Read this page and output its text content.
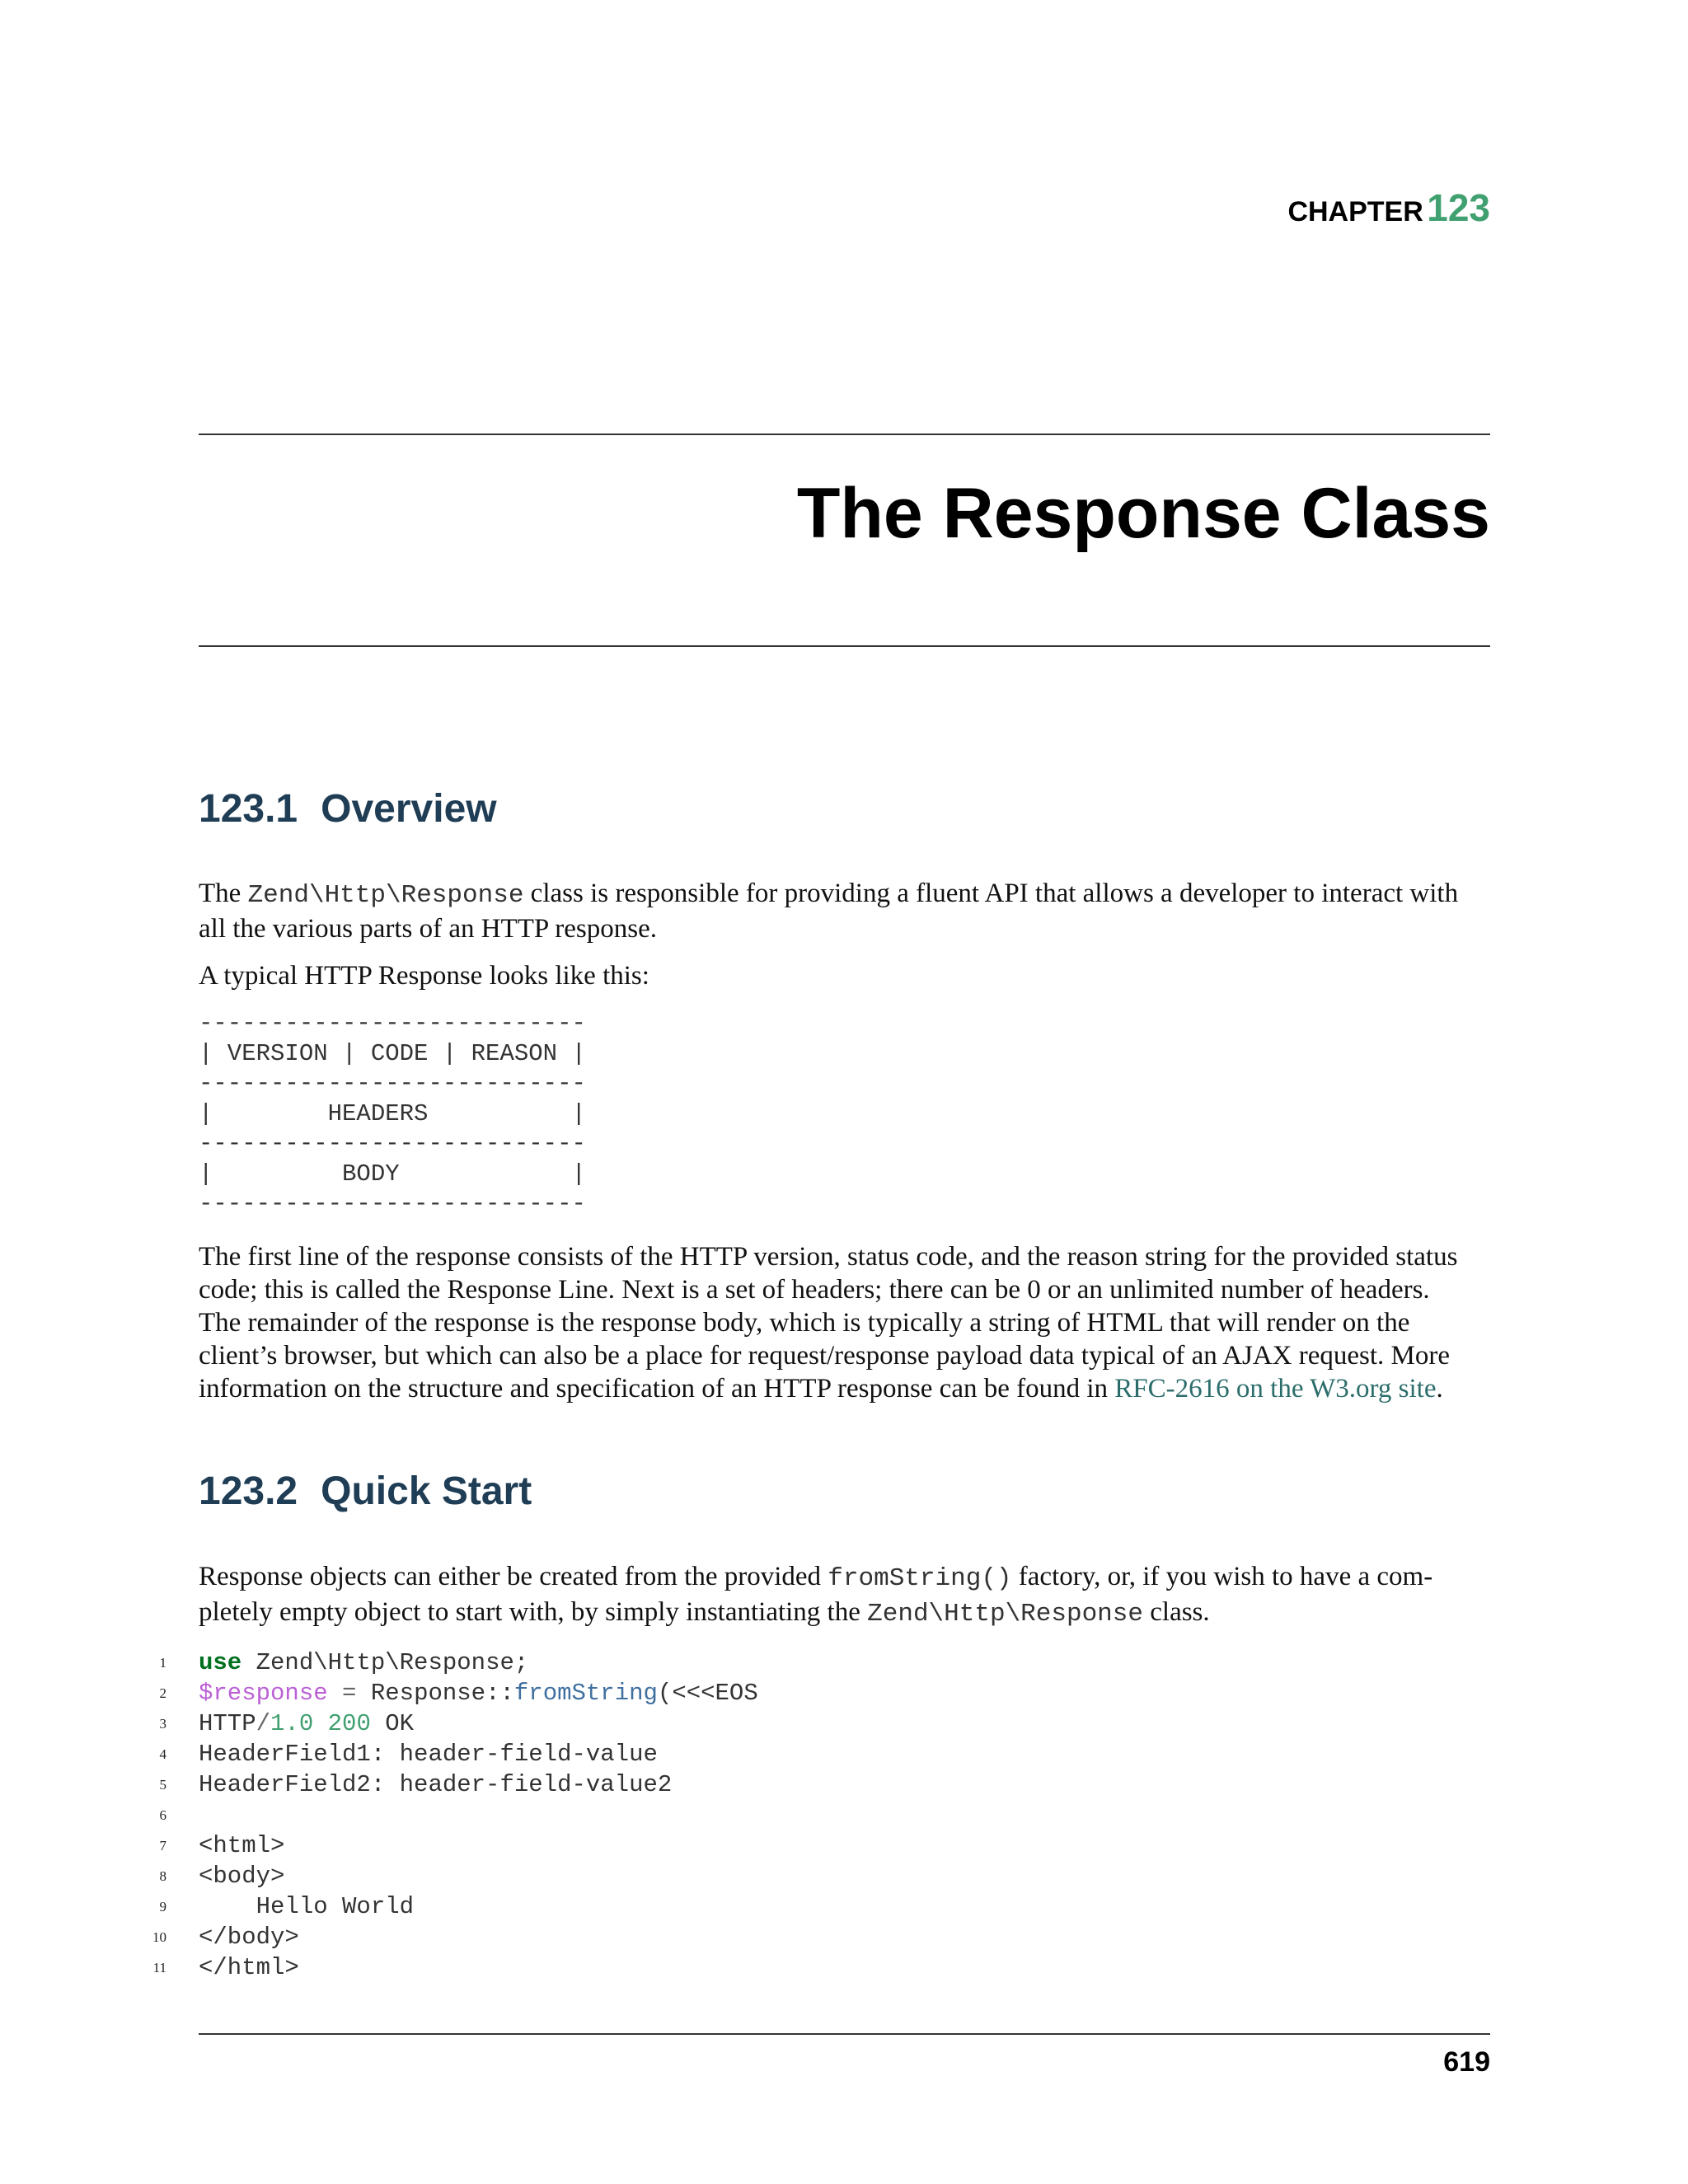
CHAPTER 123
The Response Class
123.1 Overview
The Zend\Http\Response class is responsible for providing a fluent API that allows a developer to interact with
all the various parts of an HTTP response.
A typical HTTP Response looks like this:
---------------------------
| VERSION | CODE | REASON |
---------------------------
|        HEADERS          |
---------------------------
|         BODY            |
---------------------------
The first line of the response consists of the HTTP version, status code, and the reason string for the provided status
code; this is called the Response Line. Next is a set of headers; there can be 0 or an unlimited number of headers.
The remainder of the response is the response body, which is typically a string of HTML that will render on the
client’s browser, but which can also be a place for request/response payload data typical of an AJAX request. More
information on the structure and specification of an HTTP response can be found in RFC-2616 on the W3.org site.
123.2 Quick Start
Response objects can either be created from the provided fromString() factory, or, if you wish to have a com-
pletely empty object to start with, by simply instantiating the Zend\Http\Response class.
1 use Zend\Http\Response;
2 $response = Response::fromString(<<<EOS
3 HTTP/1.0 200 OK
4 HeaderField1: header-field-value
5 HeaderField2: header-field-value2
6
7 <html>
8 <body>
9 Hello World
10 </body>
11 </html>
619
